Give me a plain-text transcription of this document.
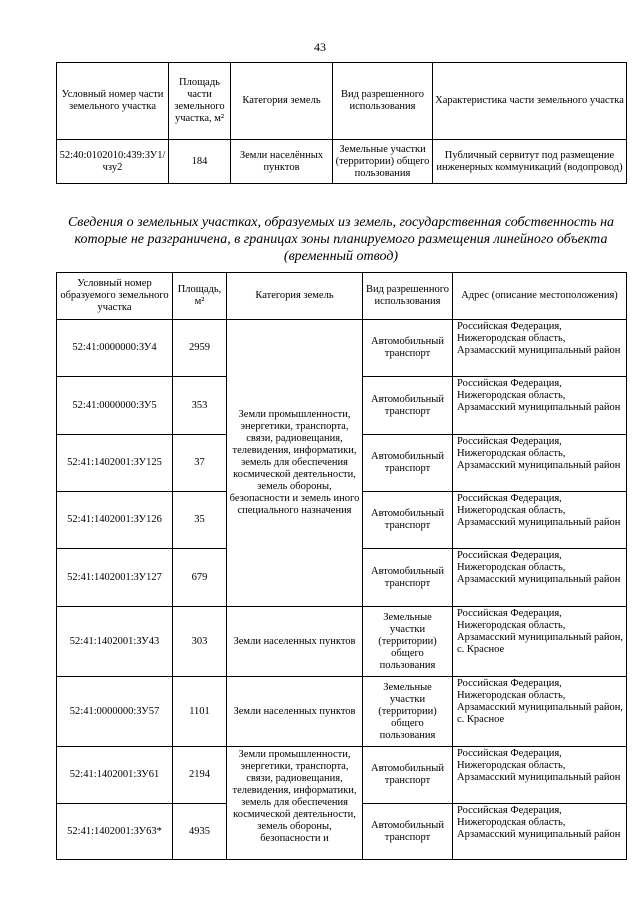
43
Условный номер части земельного участка	Площадь части земельного участка, м²	Категория земель	Вид разрешенного использования	Характеристика части земельного участка
52:40:0102010:439:ЗУ1/чзу2	184	Земли населённых пунктов	Земельные участки (территории) общего пользования	Публичный сервитут под размещение инженерных коммуникаций (водопровод)
Сведения о земельных участках, образуемых из земель, государственная собственность на которые не разграничена, в границах зоны планируемого размещения линейного объекта (временный отвод)
Условный номер образуемого земельного участка	Площадь, м²	Категория земель	Вид разрешенного использования	Адрес (описание местоположения)
52:41:0000000:ЗУ4	2959	Земли промышленности, энергетики, транспорта, связи, радиовещания, телевидения, информатики, земель для обеспечения космической деятельности, земель обороны, безопасности и земель иного специального назначения	Автомобильный транспорт	Российская Федерация, Нижегородская область, Арзамасский муниципальный район
52:41:0000000:ЗУ5	353		Автомобильный транспорт	Российская Федерация, Нижегородская область, Арзамасский муниципальный район
52:41:1402001:ЗУ125	37		Автомобильный транспорт	Российская Федерация, Нижегородская область, Арзамасский муниципальный район
52:41:1402001:ЗУ126	35		Автомобильный транспорт	Российская Федерация, Нижегородская область, Арзамасский муниципальный район
52:41:1402001:ЗУ127	679		Автомобильный транспорт	Российская Федерация, Нижегородская область, Арзамасский муниципальный район
52:41:1402001:ЗУ43	303	Земли населенных пунктов	Земельные участки (территории) общего пользования	Российская Федерация, Нижегородская область, Арзамасский муниципальный район, с. Красное
52:41:0000000:ЗУ57	1101	Земли населенных пунктов	Земельные участки (территории) общего пользования	Российская Федерация, Нижегородская область, Арзамасский муниципальный район, с. Красное
52:41:1402001:ЗУ61	2194	Земли промышленности, энергетики, транспорта, связи, радиовещания, телевидения, информатики, земель для обеспечения космической деятельности, земель обороны, безопасности и	Автомобильный транспорт	Российская Федерация, Нижегородская область, Арзамасский муниципальный район
52:41:1402001:ЗУ63*	4935		Автомобильный транспорт	Российская Федерация, Нижегородская область, Арзамасский муниципальный район
